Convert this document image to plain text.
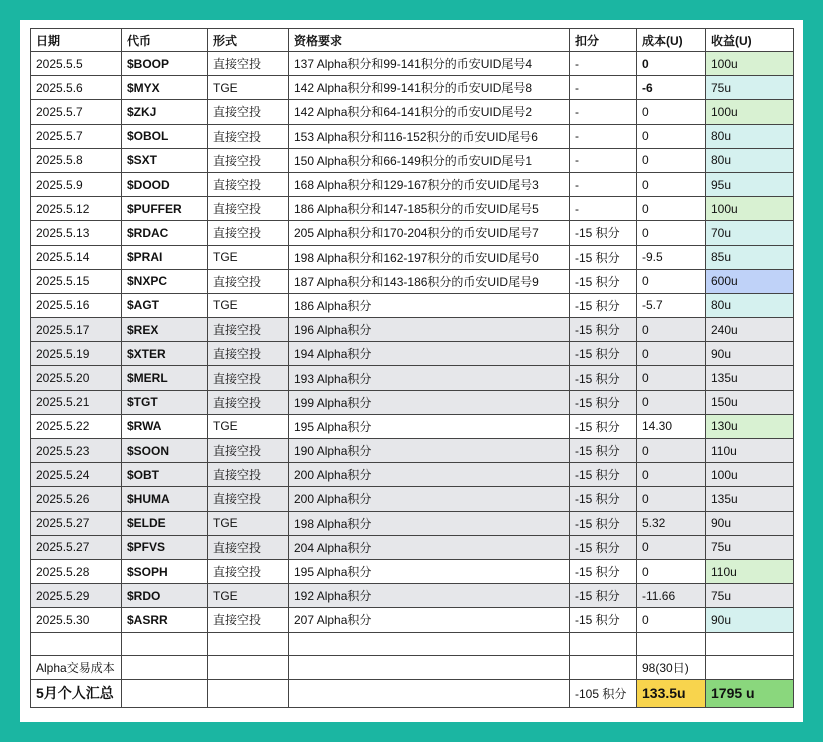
日期	代币	形式	资格要求	扣分	成本(U)	收益(U)
2025.5.5	$BOOP	直接空投	137 Alpha积分和99-141积分的币安UID尾号4	-	0	100u
2025.5.6	$MYX	TGE	142 Alpha积分和99-141积分的币安UID尾号8	-	-6	75u
2025.5.7	$ZKJ	直接空投	142 Alpha积分和64-141积分的币安UID尾号2	-	0	100u
2025.5.7	$OBOL	直接空投	153 Alpha积分和116-152积分的币安UID尾号6	-	0	80u
2025.5.8	$SXT	直接空投	150 Alpha积分和66-149积分的币安UID尾号1	-	0	80u
2025.5.9	$DOOD	直接空投	168 Alpha积分和129-167积分的币安UID尾号3	-	0	95u
2025.5.12	$PUFFER	直接空投	186 Alpha积分和147-185积分的币安UID尾号5	-	0	100u
2025.5.13	$RDAC	直接空投	205 Alpha积分和170-204积分的币安UID尾号7	-15 积分	0	70u
2025.5.14	$PRAI	TGE	198 Alpha积分和162-197积分的币安UID尾号0	-15 积分	-9.5	85u
2025.5.15	$NXPC	直接空投	187 Alpha积分和143-186积分的币安UID尾号9	-15 积分	0	600u
2025.5.16	$AGT	TGE	186 Alpha积分	-15 积分	-5.7	80u
2025.5.17	$REX	直接空投	196 Alpha积分	-15 积分	0	240u
2025.5.19	$XTER	直接空投	194 Alpha积分	-15 积分	0	90u
2025.5.20	$MERL	直接空投	193 Alpha积分	-15 积分	0	135u
2025.5.21	$TGT	直接空投	199 Alpha积分	-15 积分	0	150u
2025.5.22	$RWA	TGE	195 Alpha积分	-15 积分	14.30	130u
2025.5.23	$SOON	直接空投	190 Alpha积分	-15 积分	0	110u
2025.5.24	$OBT	直接空投	200 Alpha积分	-15 积分	0	100u
2025.5.26	$HUMA	直接空投	200 Alpha积分	-15 积分	0	135u
2025.5.27	$ELDE	TGE	198 Alpha积分	-15 积分	5.32	90u
2025.5.27	$PFVS	直接空投	204 Alpha积分	-15 积分	0	75u
2025.5.28	$SOPH	直接空投	195 Alpha积分	-15 积分	0	110u
2025.5.29	$RDO	TGE	192 Alpha积分	-15 积分	-11.66	75u
2025.5.30	$ASRR	直接空投	207 Alpha积分	-15 积分	0	90u

Alpha交易成本					98(30日)	
5月个人汇总				-105 积分	133.5u	1795 u
